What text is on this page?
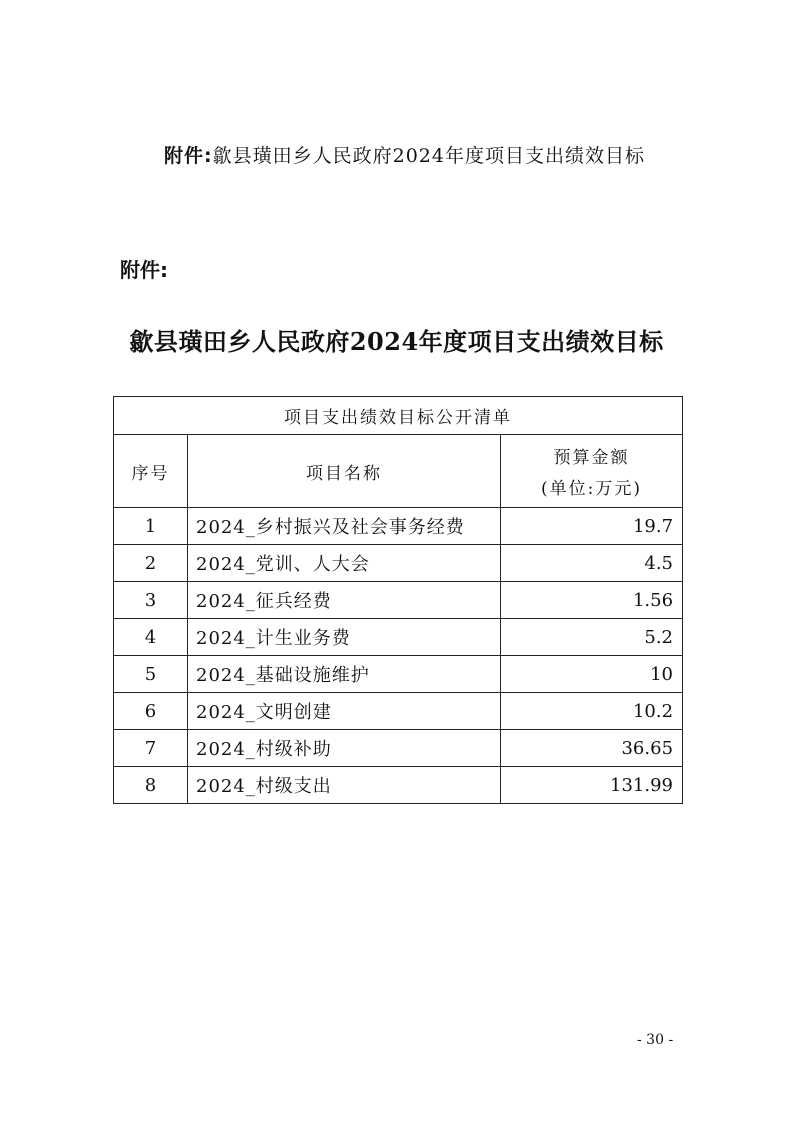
附件:歙县璜田乡人民政府2024年度项目支出绩效目标
附件:
歙县璜田乡人民政府2024年度项目支出绩效目标
项目支出绩效目标公开清单		
序号	项目名称	预算金额
(单位:万元)

1	2024_乡村振兴及社会事务经费	19.7
2	2024_党训、人大会	4.5
3	2024_征兵经费	1.56
4	2024_计生业务费	5.2
5	2024_基础设施维护	10
6	2024_文明创建	10.2
7	2024_村级补助	36.65
8	2024_村级支出	131.99
- 30 -
